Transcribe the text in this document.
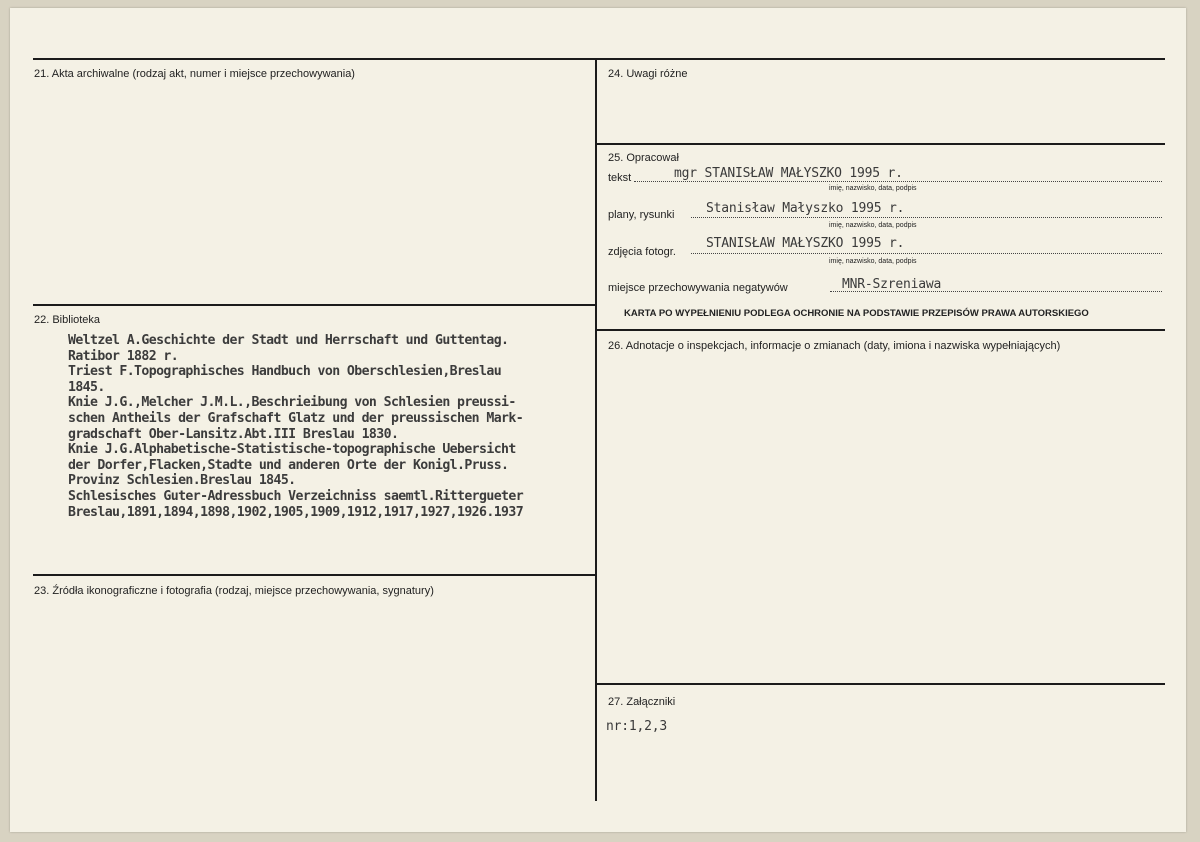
21. Akta archiwalne (rodzaj akt, numer i miejsce przechowywania)
22. Biblioteka
Weltzel A.Geschichte der Stadt und Herrschaft und Guttentag.
Ratibor 1882 r.
Triest F.Topographisches Handbuch von Oberschlesien,Breslau
1845.
Knie J.G.,Melcher J.M.L.,Beschrieibung von Schlesien preussi-
schen Antheils der Grafschaft Glatz und der preussischen Mark-
gradschaft Ober-Lansitz.Abt.III Breslau 1830.
Knie J.G.Alphabetische-Statistische-topographische Uebersicht
der Dorfer,Flacken,Stadte und anderen Orte der Konigl.Pruss.
Provinz Schlesien.Breslau 1845.
Schlesisches Guter-Adressbuch Verzeichniss saemtl.Rittergueter
Breslau,1891,1894,1898,1902,1905,1909,1912,1917,1927,1926.1937
23. Źródła ikonograficzne i fotografia (rodzaj, miejsce przechowywania, sygnatury)
24. Uwagi różne
25. Opracował
tekst	mgr STANISŁAW MAŁYSZKO 1995 r.
imię, nazwisko, data, podpis
plany, rysunki Stanisław Małyszko 1995 r.
imię, nazwisko, data, podpis
zdjęcia fotogr.
STANISŁAW MAŁYSZKO 1995 r.
imię, nazwisko, data, podpis
miejsce przechowywania negatywów	MNR-Szreniawa
KARTA PO WYPEŁNIENIU PODLEGA OCHRONIE NA PODSTAWIE PRZEPISÓW PRAWA AUTORSKIEGO
26. Adnotacje o inspekcjach, informacje o zmianach (daty, imiona i nazwiska wypełniających)
27. Załączniki
nr:1,2,3
